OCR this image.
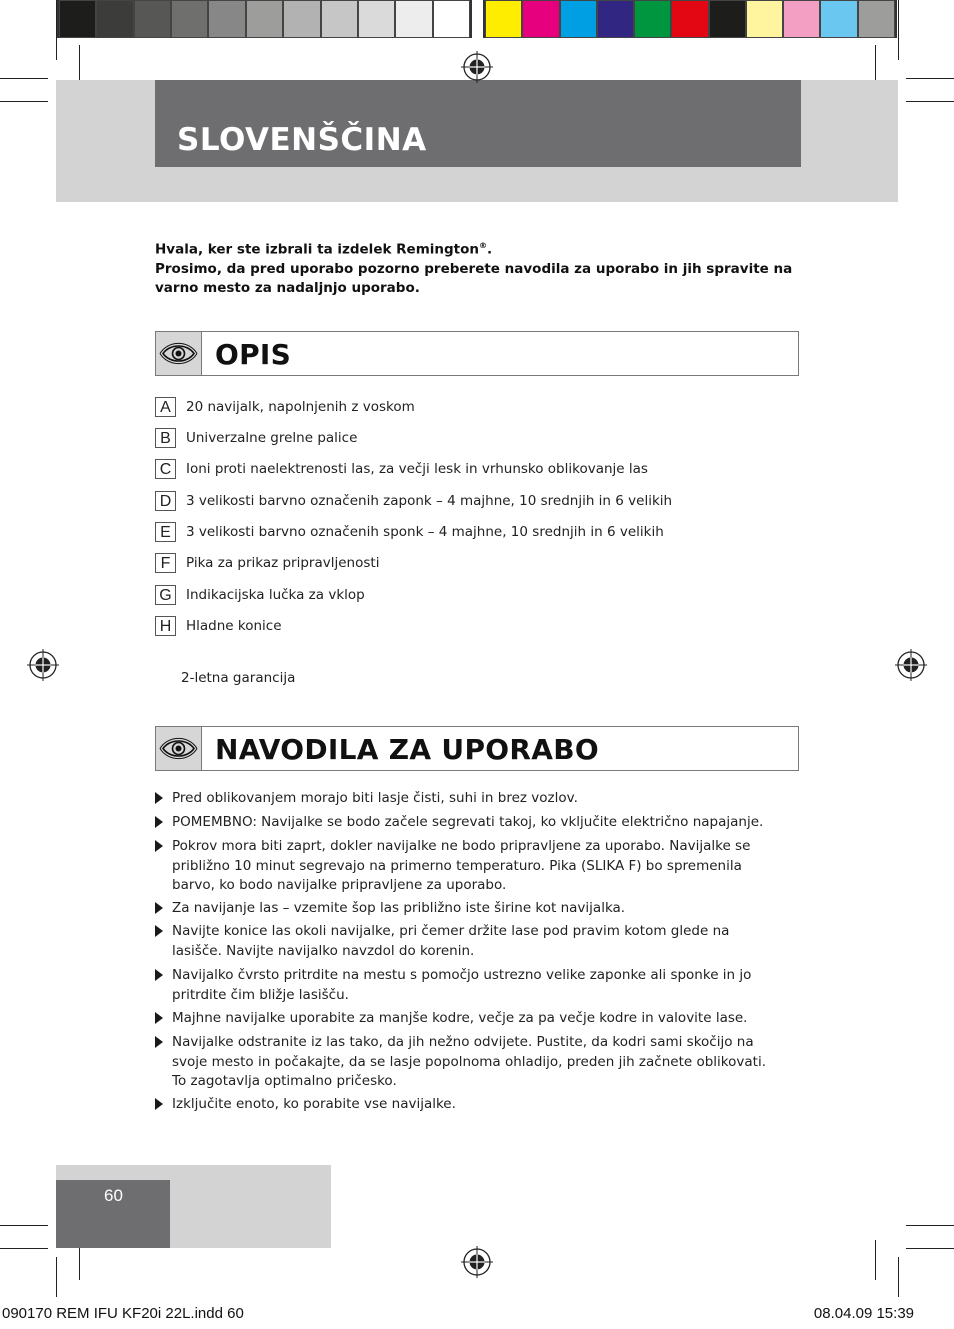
SLOVENŠČINA

Hvala, ker ste izbrali ta izdelek Remington®.

Prosimo, da pred uporabo pozorno preberete navodila za uporabo in jih spravite na varno mesto za nadaljnjo uporabo.

OPIS
A	20 navijalk, napolnjenih z voskom
B	Univerzalne grelne palice
C	Ioni proti naelektrenosti las, za večji lesk in vrhunsko oblikovanje las
D	3 velikosti barvno označenih zaponk – 4 majhne, 10 srednjih in 6 velikih
E	3 velikosti barvno označenih sponk – 4 majhne, 10 srednjih in 6 velikih
F	Pika za prikaz pripravljenosti
G	Indikacijska lučka za vklop
H	Hladne konice
2-letna garancija
NAVODILA ZA UPORABO
Pred oblikovanjem morajo biti lasje čisti, suhi in brez vozlov.
POMEMBNO: Navijalke se bodo začele segrevati takoj, ko vključite električno napajanje.
Pokrov mora biti zaprt, dokler navijalke ne bodo pripravljene za uporabo. Navijalke se približno 10 minut segrevajo na primerno temperaturo. Pika (SLIKA F) bo spremenila barvo, ko bodo navijalke pripravljene za uporabo.
Za navijanje las – vzemite šop las približno iste širine kot navijalka.
Navijte konice las okoli navijalke, pri čemer držite lase pod pravim kotom glede na lasišče. Navijte navijalko navzdol do korenin.
Navijalko čvrsto pritrdite na mestu s pomočjo ustrezno velike zaponke ali sponke in jo pritrdite čim bližje lasišču.
Majhne navijalke uporabite za manjše kodre, večje za pa večje kodre in valovite lase.
Navijalke odstranite iz las tako, da jih nežno odvijete. Pustite, da kodri sami skočijo na svoje mesto in počakajte, da se lasje popolnoma ohladijo, preden jih začnete oblikovati. To zagotavlja optimalno pričesko.
Izključite enoto, ko porabite vse navijalke.
60
090170 REM IFU KF20i 22L.indd 60	08.04.09 15:39
